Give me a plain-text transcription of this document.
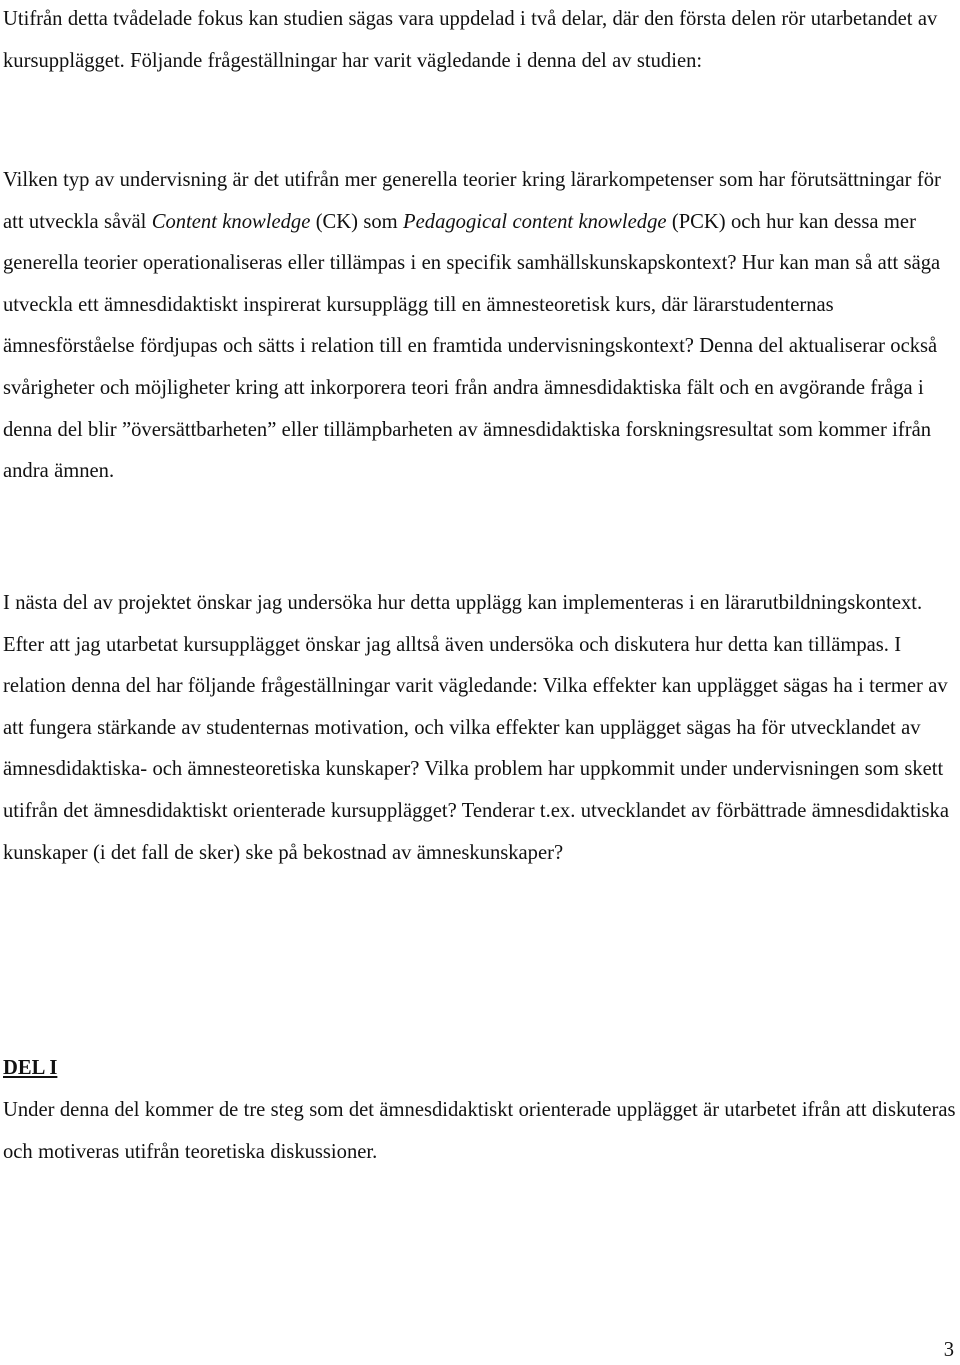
Utifrån detta tvådelade fokus kan studien sägas vara uppdelad i två delar, där den första delen rör utarbetandet av kursupplägget. Följande frågeställningar har varit vägledande i denna del av studien:

Vilken typ av undervisning är det utifrån mer generella teorier kring lärarkompetenser som har förutsättningar för att utveckla såväl Content knowledge (CK) som Pedagogical content knowledge (PCK) och hur kan dessa mer generella teorier operationaliseras eller tillämpas i en specifik samhällskunskapskontext? Hur kan man så att säga utveckla ett ämnesdidaktiskt inspirerat kursupplägg till en ämnesteoretisk kurs, där lärarstudenternas ämnesförståelse fördjupas och sätts i relation till en framtida undervisningskontext? Denna del aktualiserar också svårigheter och möjligheter kring att inkorporera teori från andra ämnesdidaktiska fält och en avgörande fråga i denna del blir ”översättbarheten” eller tillämpbarheten av ämnesdidaktiska forskningsresultat som kommer ifrån andra ämnen.

I nästa del av projektet önskar jag undersöka hur detta upplägg kan implementeras i en lärarutbildningskontext. Efter att jag utarbetat kursupplägget önskar jag alltså även undersöka och diskutera hur detta kan tillämpas. I relation denna del har följande frågeställningar varit vägledande: Vilka effekter kan upplägget sägas ha i termer av att fungera stärkande av studenternas motivation, och vilka effekter kan upplägget sägas ha för utvecklandet av ämnesdidaktiska- och ämnesteoretiska kunskaper? Vilka problem har uppkommit under undervisningen som skett utifrån det ämnesdidaktiskt orienterade kursupplägget? Tenderar t.ex. utvecklandet av förbättrade ämnesdidaktiska kunskaper (i det fall de sker) ske på bekostnad av ämneskunskaper?

DEL I

Under denna del kommer de tre steg som det ämnesdidaktiskt orienterade upplägget är utarbetet ifrån att diskuteras och motiveras utifrån teoretiska diskussioner.

3
